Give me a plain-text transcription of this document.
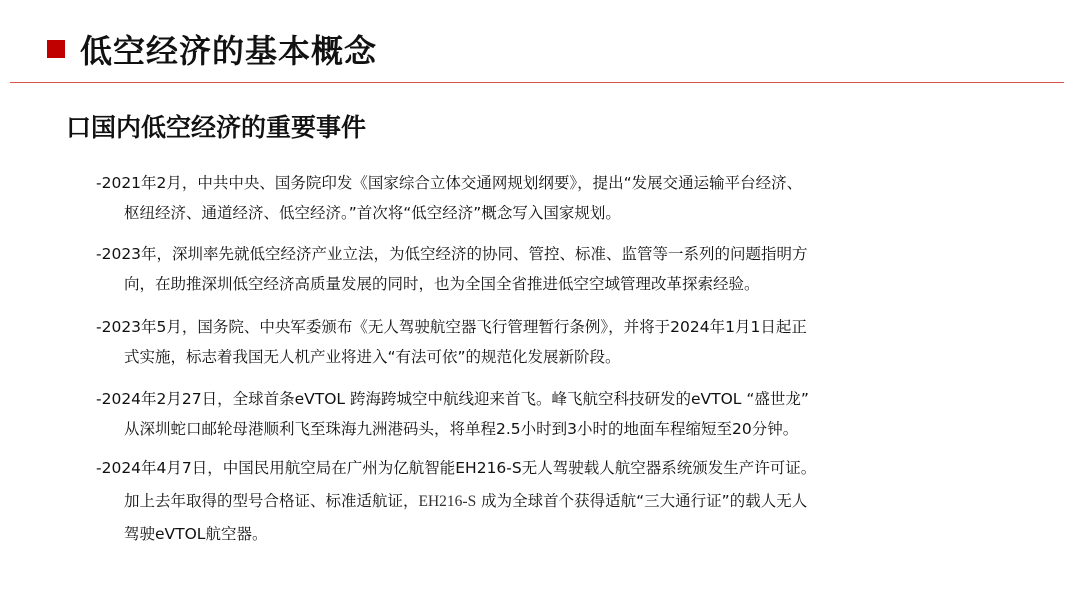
低空经济的基本概念
口国内低空经济的重要事件
-2021年2月，中共中央、国务院印发《国家综合立体交通网规划纲要》，提出“发展交通运输平台经济、
枢纽经济、通道经济、低空经济。”首次将“低空经济”概念写入国家规划。
-2023年，深圳率先就低空经济产业立法，为低空经济的协同、管控、标准、监管等一系列的问题指明方
向，在助推深圳低空经济高质量发展的同时，也为全国全省推进低空空域管理改革探索经验。
-2023年5月，国务院、中央军委颁布《无人驾驶航空器飞行管理暂行条例》，并将于2024年1月1日起正
式实施，标志着我国无人机产业将进入“有法可依”的规范化发展新阶段。
-2024年2月27日，全球首条eVTOL 跨海跨城空中航线迎来首飞。峰飞航空科技研发的eVTOL “盛世龙”
从深圳蛇口邮轮母港顺利飞至珠海九洲港码头，将单程2.5小时到3小时的地面车程缩短至20分钟。
-2024年4月7日，中国民用航空局在广州为亿航智能EH216-S无人驾驶载人航空器系统颁发生产许可证。
加上去年取得的型号合格证、标准适航证，EH216-S 成为全球首个获得适航“三大通行证”的载人无人
驾驶eVTOL航空器。
